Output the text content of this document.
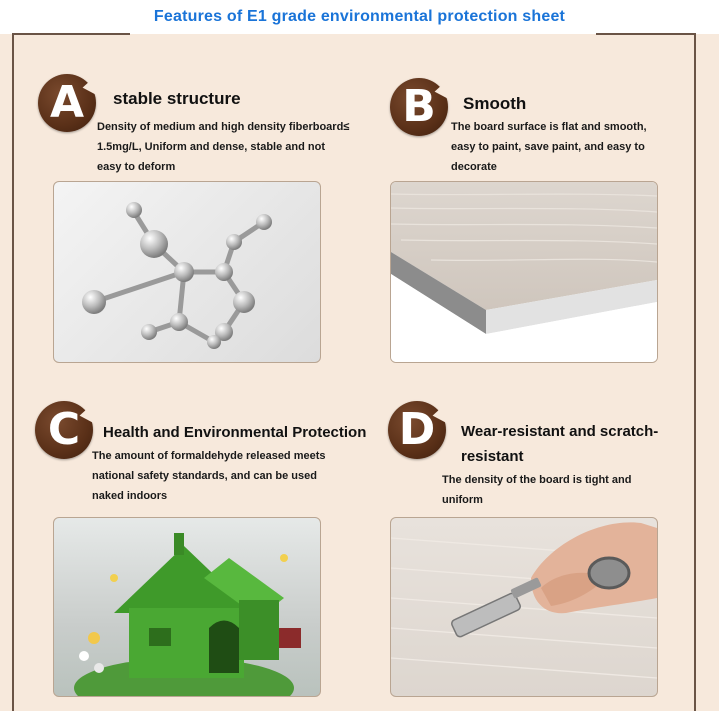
Features of E1 grade environmental protection sheet
A	stable structure
Density of medium and high density fiberboard≤
1.5mg/L, Uniform and dense, stable and not
easy to deform
B	Smooth
The board surface is flat and smooth,
easy to paint, save paint, and easy to
decorate
C	Health and Environmental Protection
The amount of formaldehyde released meets
national safety standards, and can be used
naked indoors
D	Wear-resistant and scratch-
resistant
The density of the board is tight and
uniform
